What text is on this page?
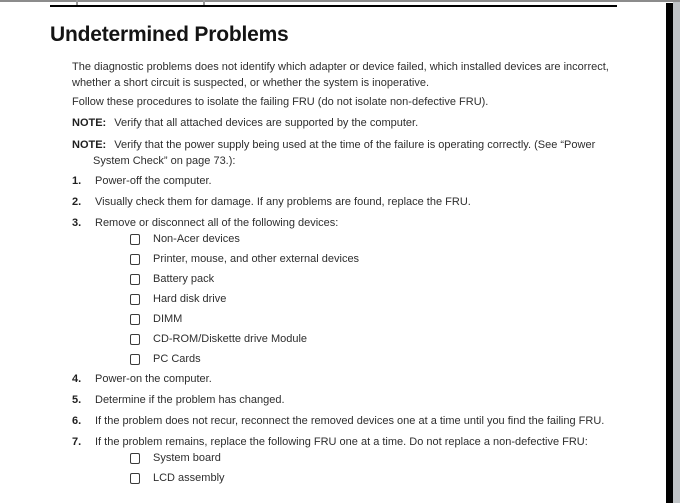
Undetermined Problems
The diagnostic problems does not identify which adapter or device failed, which installed devices are incorrect,
whether a short circuit is suspected, or whether the system is inoperative.
Follow these procedures to isolate the failing FRU (do not isolate non-defective FRU).
NOTE: Verify that all attached devices are supported by the computer.
NOTE: Verify that the power supply being used at the time of the failure is operating correctly. (See “Power
System Check” on page 73.):
1.	Power-off the computer.
2.	Visually check them for damage. If any problems are found, replace the FRU.
3.	Remove or disconnect all of the following devices:
Non-Acer devices
Printer, mouse, and other external devices
Battery pack
Hard disk drive
DIMM
CD-ROM/Diskette drive Module
PC Cards
4.	Power-on the computer.
5.	Determine if the problem has changed.
6.	If the problem does not recur, reconnect the removed devices one at a time until you find the failing FRU.
7.	If the problem remains, replace the following FRU one at a time. Do not replace a non-defective FRU:
System board
LCD assembly
